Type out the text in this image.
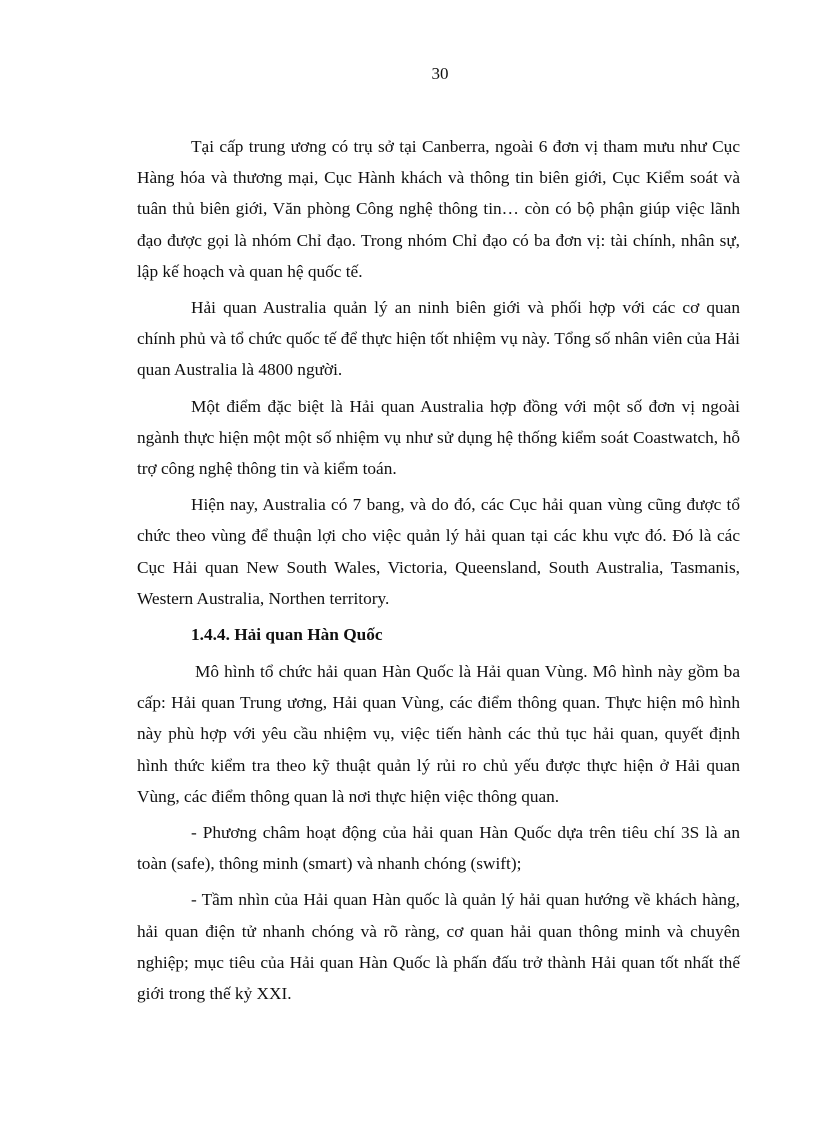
30

Tại cấp trung ương có trụ sở tại Canberra, ngoài 6 đơn vị tham mưu như Cục Hàng hóa và thương mại, Cục Hành khách và thông tin biên giới, Cục Kiểm soát và tuân thủ biên giới, Văn phòng Công nghệ thông tin… còn có bộ phận giúp việc lãnh đạo được gọi là nhóm Chỉ đạo. Trong nhóm Chỉ đạo có ba đơn vị: tài chính, nhân sự, lập kế hoạch và quan hệ quốc tế.

Hải quan Australia quản lý an ninh biên giới và phối hợp với các cơ quan chính phủ và tổ chức quốc tế để thực hiện tốt nhiệm vụ này. Tổng số nhân viên của Hải quan Australia là 4800 người.

Một điểm đặc biệt là Hải quan Australia hợp đồng với một số đơn vị ngoài ngành thực hiện một một số nhiệm vụ như sử dụng hệ thống kiểm soát Coastwatch, hỗ trợ công nghệ thông tin và kiểm toán.

Hiện nay, Australia có 7 bang, và do đó, các Cục hải quan vùng cũng được tổ chức theo vùng để thuận lợi cho việc quản lý hải quan tại các khu vực đó. Đó là các Cục Hải quan New South Wales, Victoria, Queensland, South Australia, Tasmanis, Western Australia, Northen territory.

1.4.4. Hải quan Hàn Quốc

Mô hình tổ chức hải quan Hàn Quốc là Hải quan Vùng. Mô hình này gồm ba cấp: Hải quan Trung ương, Hải quan Vùng, các điểm thông quan. Thực hiện mô hình này phù hợp với yêu cầu nhiệm vụ, việc tiến hành các thủ tục hải quan, quyết định hình thức kiểm tra theo kỹ thuật quản lý rủi ro chủ yếu được thực hiện ở Hải quan Vùng, các điểm thông quan là nơi thực hiện việc thông quan.

- Phương châm hoạt động của hải quan Hàn Quốc dựa trên tiêu chí 3S là an toàn (safe), thông minh (smart) và nhanh chóng (swift);

- Tầm nhìn của Hải quan Hàn quốc là quản lý hải quan hướng về khách hàng, hải quan điện tử nhanh chóng và rõ ràng, cơ quan hải quan thông minh và chuyên nghiệp; mục tiêu của Hải quan Hàn Quốc là phấn đấu trở thành Hải quan tốt nhất thế giới trong thế kỷ XXI.
